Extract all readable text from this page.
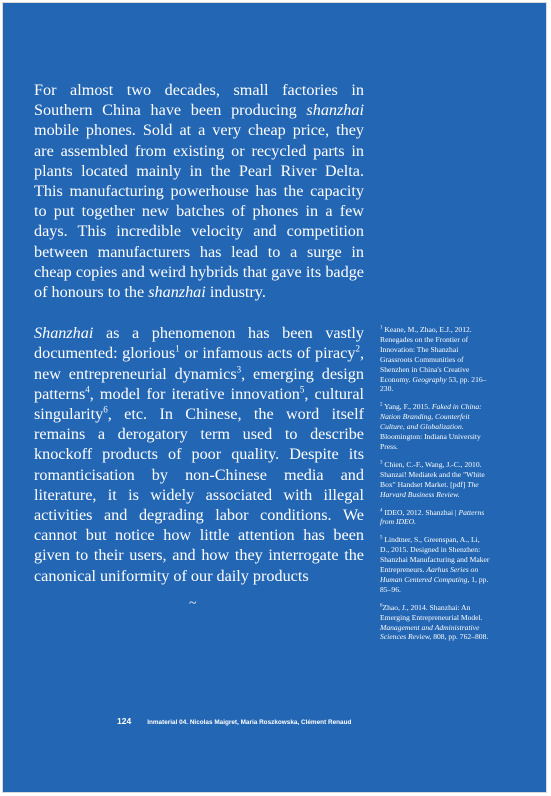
For almost two decades, small factories in Southern China have been producing shanzhai mobile phones. Sold at a very cheap price, they are assembled from existing or recycled parts in plants located mainly in the Pearl River Delta. This manufacturing powerhouse has the capacity to put together new batches of phones in a few days. This incredible velocity and competition between manufacturers has lead to a surge in cheap copies and weird hybrids that gave its badge of honours to the shanzhai industry.

Shanzhai as a phenomenon has been vastly documented: glorious$^1$ or infamous acts of piracy$^2$, new entrepreneurial dynamics$^3$, emerging design patterns$^4$, model for iterative innovation$^5$, cultural singularity$^6$, etc. In Chinese, the word itself remains a derogatory term used to describe knockoff products of poor quality. Despite its romanticisation by non-Chinese media and literature, it is widely associated with illegal activities and degrading labor conditions. We cannot but notice how little attention has been given to their users, and how they interrogate the canonical uniformity of our daily products

~
$^1$ Keane, M., Zhao, E.J., 2012. Renegades on the Frontier of Innovation: The Shanzhai Grassroots Communities of Shenzhen in China's Creative Economy. Geography 53, pp. 216–230.
$^2$ Yang, F., 2015. Faked in China: Nation Branding, Counterfeit Culture, and Globalization. Bloomington: Indiana University Press.
$^3$ Chien, C.-F., Wang, J.-C., 2010. Shanzai! Mediatek and the "White Box" Handset Market. [pdf] The Harvard Business Review.
$^4$ IDEO, 2012. Shanzhai | Patterns from IDEO.
$^5$ Lindtner, S., Greenspan, A., Li, D., 2015. Designed in Shenzhen: Shanzhai Manufacturing and Maker Entrepreneurs. Aarhus Series on Human Centered Computing, 1, pp. 85–96.
$^6$Zhao, J., 2014. Shanzhai: An Emerging Entrepreneurial Model. Management and Administrative Sciences Review, 808, pp. 762–808.
124	Inmaterial 04. Nicolas Maigret, Maria Roszkowska, Clément Renaud
